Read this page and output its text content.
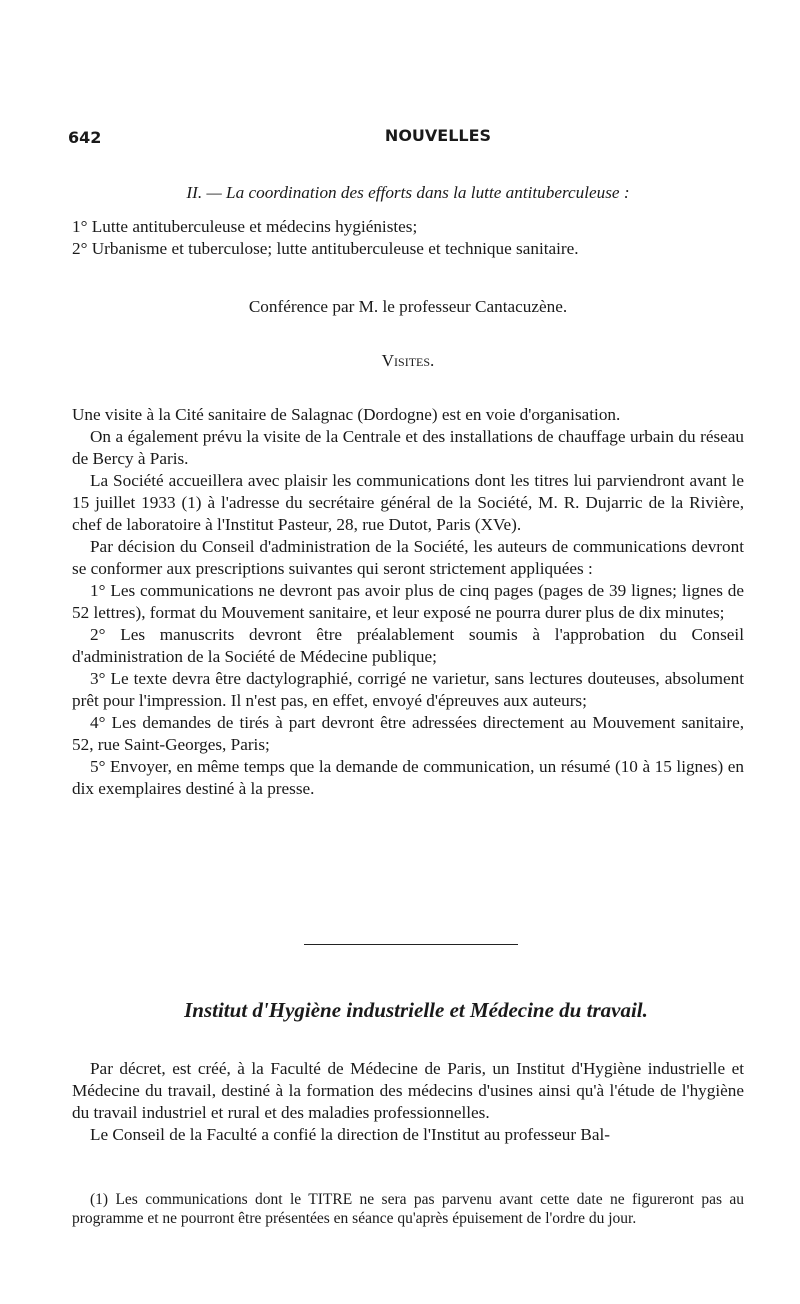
642	NOUVELLES

II. — La coordination des efforts dans la lutte antituberculeuse :

1° Lutte antituberculeuse et médecins hygiénistes;

2° Urbanisme et tuberculose; lutte antituberculeuse et technique sanitaire.

Conférence par M. le professeur Cantacuzène.

Visites.

Une visite à la Cité sanitaire de Salagnac (Dordogne) est en voie d'organisation.

On a également prévu la visite de la Centrale et des installations de chauffage urbain du réseau de Bercy à Paris.

La Société accueillera avec plaisir les communications dont les titres lui parviendront avant le 15 juillet 1933 (1) à l'adresse du secrétaire général de la Société, M. R. Dujarric de la Rivière, chef de laboratoire à l'Institut Pasteur, 28, rue Dutot, Paris (XVe).

Par décision du Conseil d'administration de la Société, les auteurs de communications devront se conformer aux prescriptions suivantes qui seront strictement appliquées :

1° Les communications ne devront pas avoir plus de cinq pages (pages de 39 lignes; lignes de 52 lettres), format du Mouvement sanitaire, et leur exposé ne pourra durer plus de dix minutes;

2° Les manuscrits devront être préalablement soumis à l'approbation du Conseil d'administration de la Société de Médecine publique;

3° Le texte devra être dactylographié, corrigé ne varietur, sans lectures douteuses, absolument prêt pour l'impression. Il n'est pas, en effet, envoyé d'épreuves aux auteurs;

4° Les demandes de tirés à part devront être adressées directement au Mouvement sanitaire, 52, rue Saint-Georges, Paris;

5° Envoyer, en même temps que la demande de communication, un résumé (10 à 15 lignes) en dix exemplaires destiné à la presse.

Institut d'Hygiène industrielle et Médecine du travail.

Par décret, est créé, à la Faculté de Médecine de Paris, un Institut d'Hygiène industrielle et Médecine du travail, destiné à la formation des médecins d'usines ainsi qu'à l'étude de l'hygiène du travail industriel et rural et des maladies professionnelles.

Le Conseil de la Faculté a confié la direction de l'Institut au professeur Bal-

(1) Les communications dont le TITRE ne sera pas parvenu avant cette date ne figureront pas au programme et ne pourront être présentées en séance qu'après épuisement de l'ordre du jour.
